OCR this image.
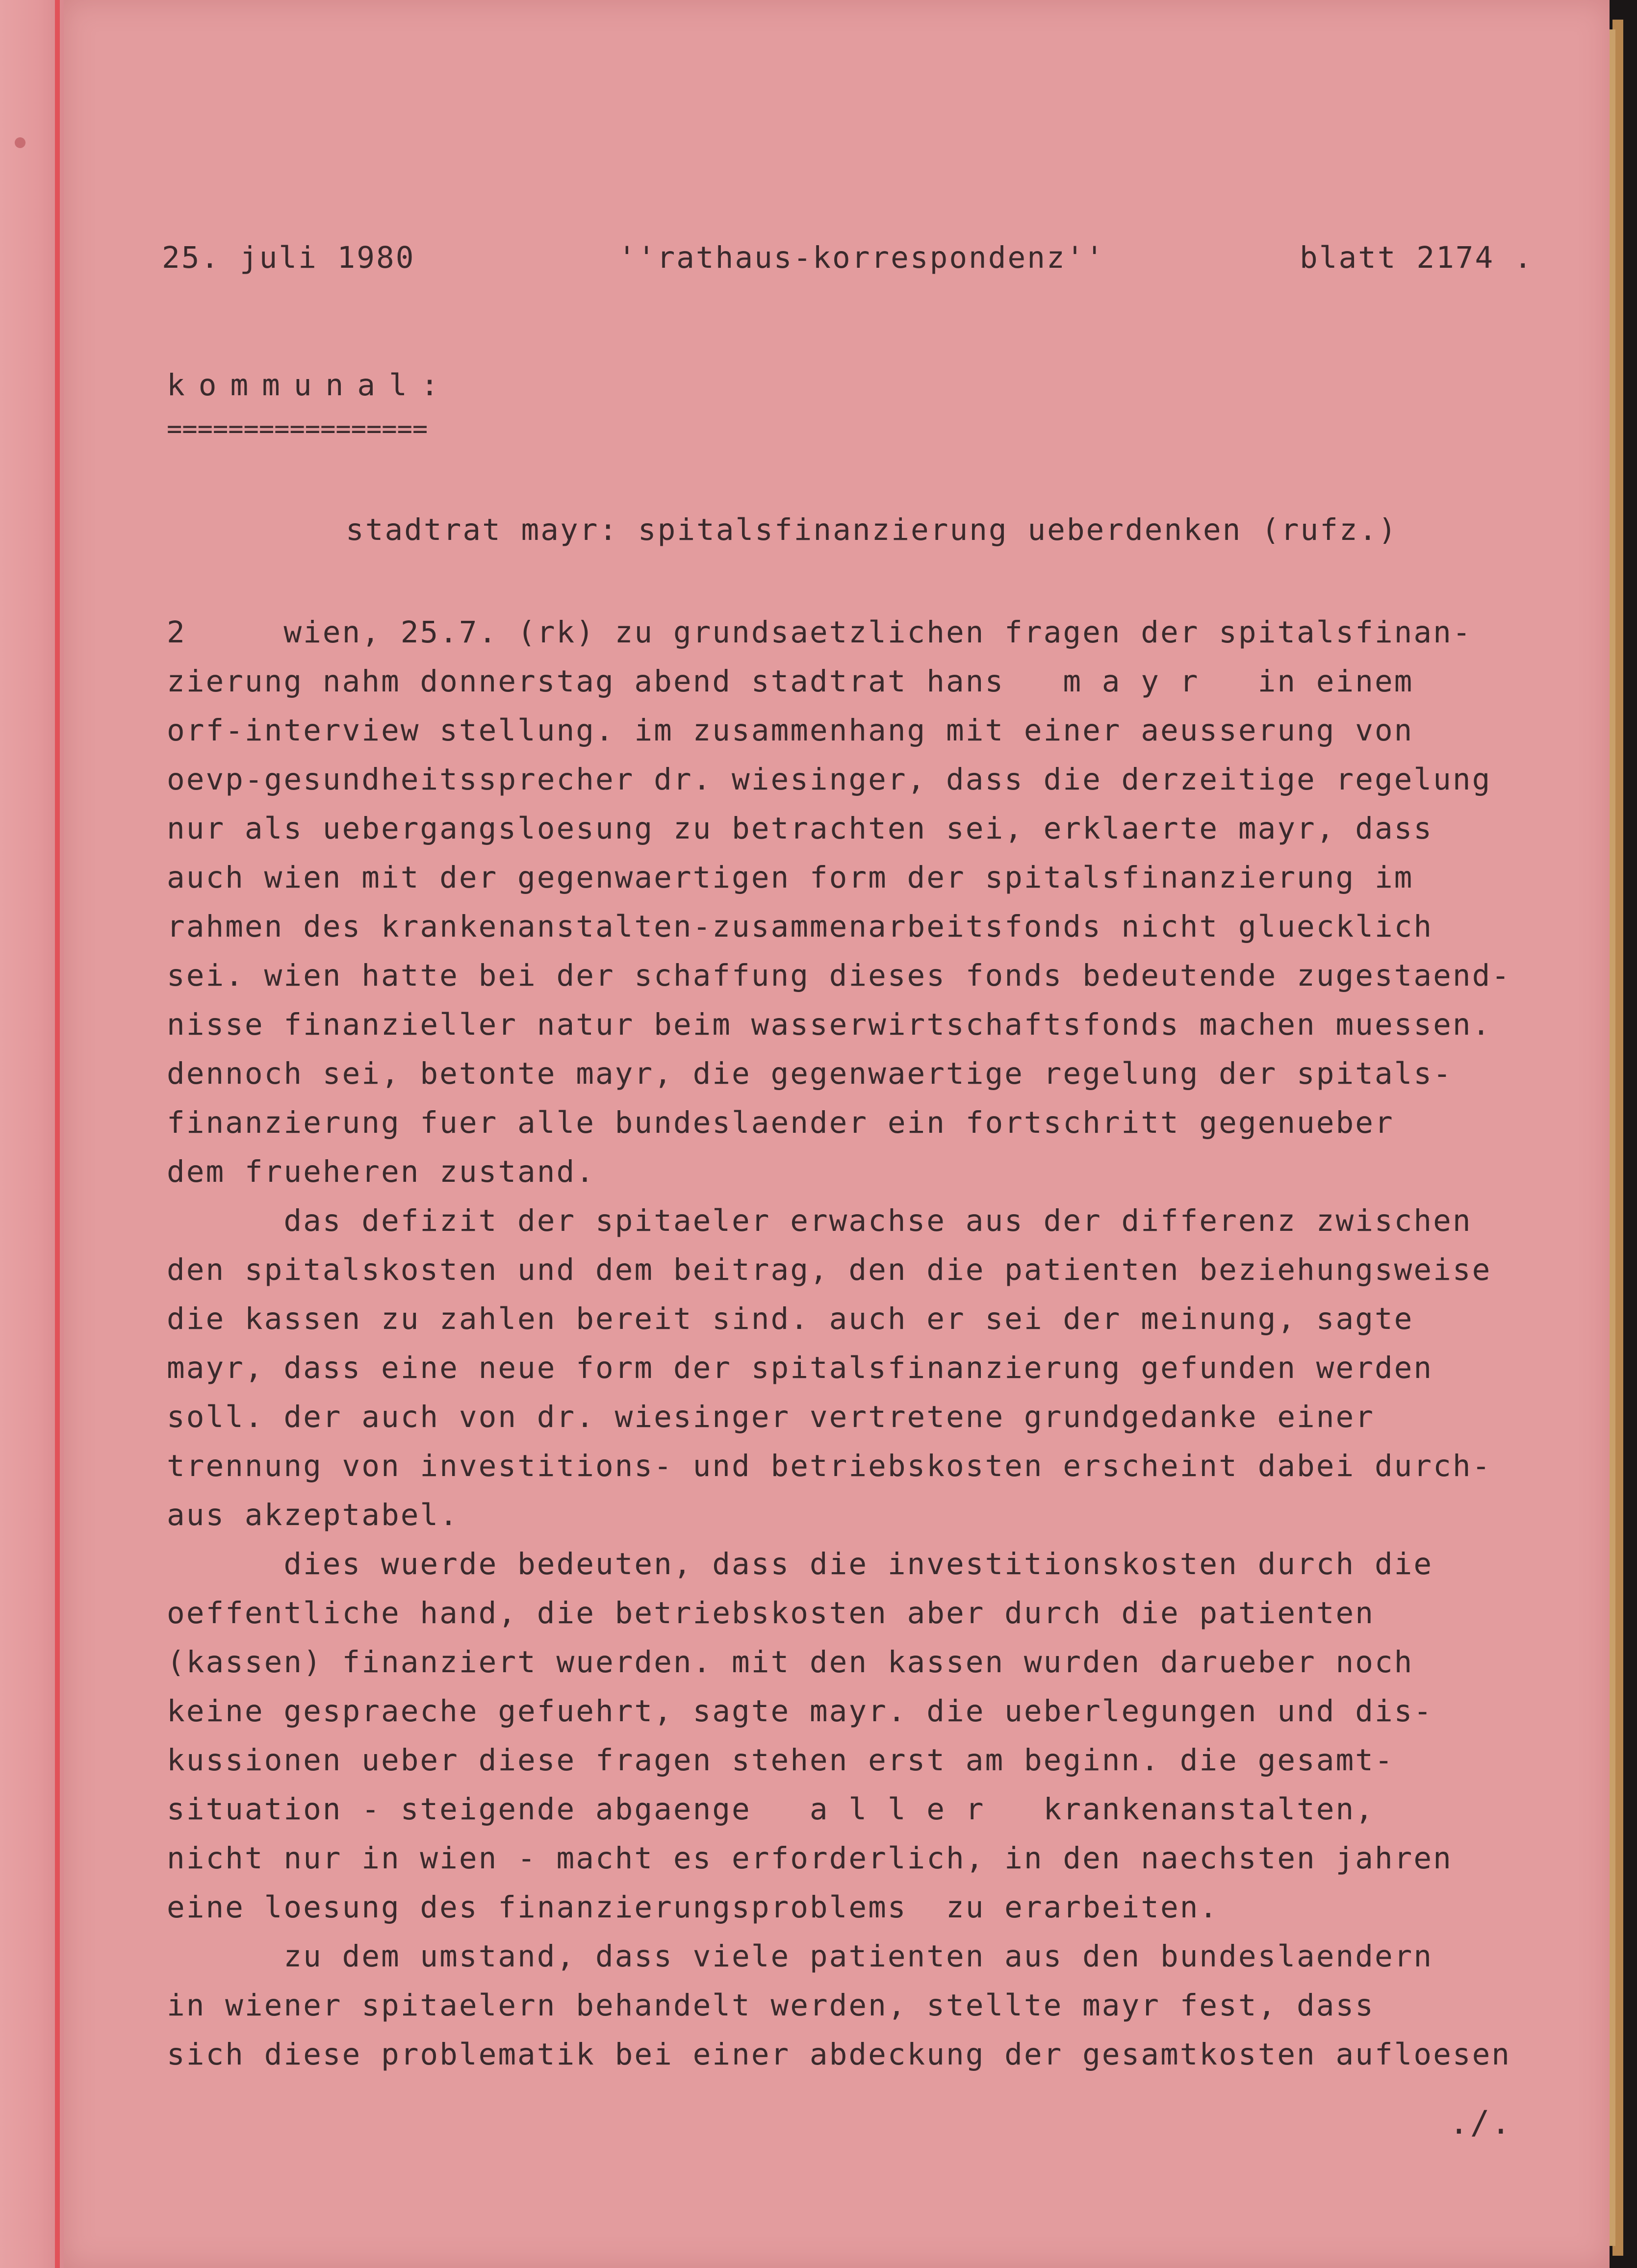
25. juli 1980	''rathaus-korrespondenz''	blatt 2174 .

kommunal:

=================

stadtrat mayr: spitalsfinanzierung ueberdenken (rufz.)

2     wien, 25.7. (rk) zu grundsaetzlichen fragen der spitalsfinan-
zierung nahm donnerstag abend stadtrat hans   m a y r   in einem
orf-interview stellung. im zusammenhang mit einer aeusserung von
oevp-gesundheitssprecher dr. wiesinger, dass die derzeitige regelung
nur als uebergangsloesung zu betrachten sei, erklaerte mayr, dass
auch wien mit der gegenwaertigen form der spitalsfinanzierung im
rahmen des krankenanstalten-zusammenarbeitsfonds nicht gluecklich
sei. wien hatte bei der schaffung dieses fonds bedeutende zugestaend-
nisse finanzieller natur beim wasserwirtschaftsfonds machen muessen.
dennoch sei, betonte mayr, die gegenwaertige regelung der spitals-
finanzierung fuer alle bundeslaender ein fortschritt gegenueber
dem frueheren zustand.
das defizit der spitaeler erwachse aus der differenz zwischen
den spitalskosten und dem beitrag, den die patienten beziehungsweise
die kassen zu zahlen bereit sind. auch er sei der meinung, sagte
mayr, dass eine neue form der spitalsfinanzierung gefunden werden
soll. der auch von dr. wiesinger vertretene grundgedanke einer
trennung von investitions- und betriebskosten erscheint dabei durch-
aus akzeptabel.
dies wuerde bedeuten, dass die investitionskosten durch die
oeffentliche hand, die betriebskosten aber durch die patienten
(kassen) finanziert wuerden. mit den kassen wurden darueber noch
keine gespraeche gefuehrt, sagte mayr. die ueberlegungen und dis-
kussionen ueber diese fragen stehen erst am beginn. die gesamt-
situation - steigende abgaenge   a l l e r   krankenanstalten,
nicht nur in wien - macht es erforderlich, in den naechsten jahren
eine loesung des finanzierungsproblems  zu erarbeiten.
zu dem umstand, dass viele patienten aus den bundeslaendern
in wiener spitaelern behandelt werden, stellte mayr fest, dass
sich diese problematik bei einer abdeckung der gesamtkosten aufloesen

./.
